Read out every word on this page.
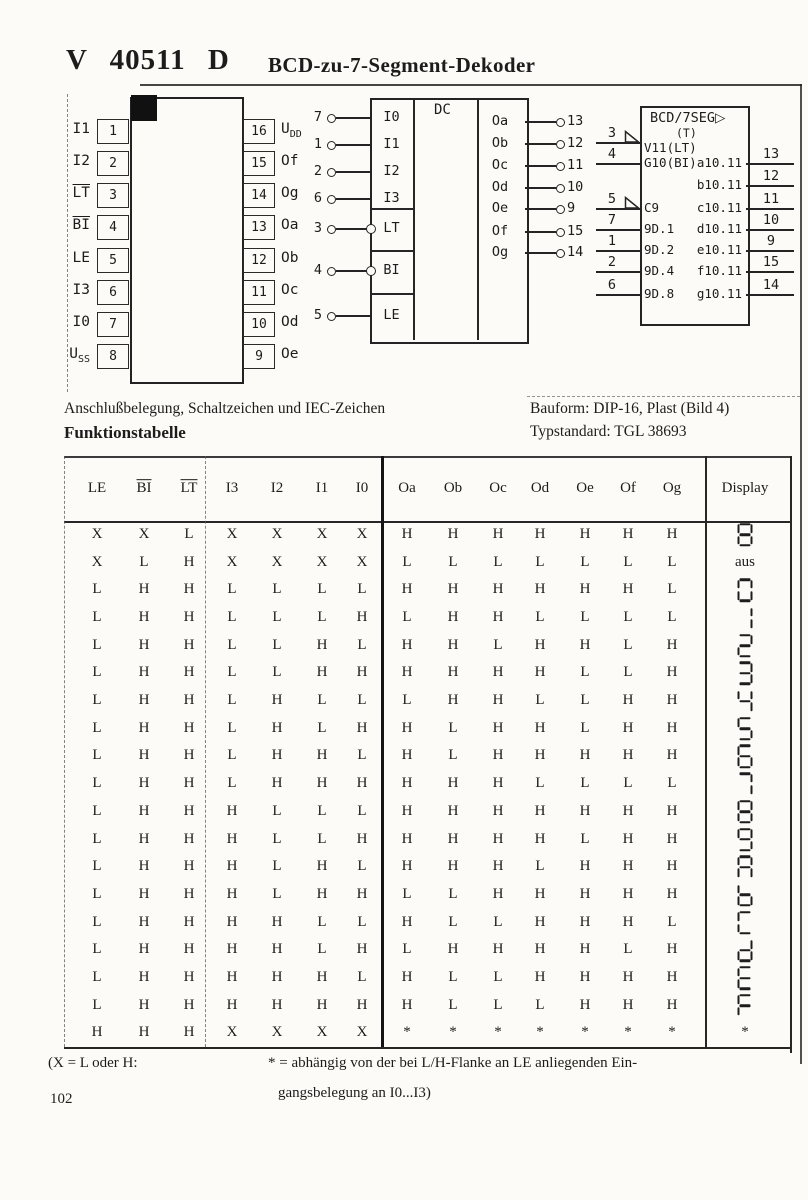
V 40511 D BCD-zu-7-Segment-Dekoder
1
I1
2
I2
3
$\overline{LT}$
4
$\overline{BI}$
5
LE
6
I3
7
I0
8
$U_{SS}$
16 $U_{DD}$
15 Of
14 Og
13 Oa
12 Ob
11 Oc
10 Od
9	Oe
DC
7	I0
1	I1
2	I2
6	I3
3	LT
4	BI
5	LE
Oa	13
Ob	12
Oc	11
Od	10
Oe	9
Of	15
Og	14
BCD/7SEG▷
(T)
3
V11(LT)
4
G10(BI)
5
C9
7
9D.1
1
9D.2
2
9D.4
6
9D.8
a10.11
13
b10.11
12
c10.11
11
d10.11
10
e10.11
9
f10.11
15
g10.11
14
Anschlußbelegung, Schaltzeichen und IEC-Zeichen	Bauform: DIP-16, Plast (Bild 4)
Typstandard: TGL 38693
Funktionstabelle
LE $\overline{BI}$ $\overline{LT}$ I3 I2 I1 I0 Oa Ob Oc Od Oe Of Og	Display
X X L X X X X H H H H H H H
X L H X X X X L L L L L L L	aus
L H H L L L L H H H H H H L
L H H L L L H L H H L L L L
L H H L L H L H H L H H L H
L H H L L H H H H H H L L H
L H H L H L L L H H L L H H
L H H L H L H H L H H L H H
L H H L H H L H L H H H H H
L H H L H H H H H H L L L L
L H H H L L L H H H H H H H
L H H H L L H H H H H L H H
L H H H L H L H H H L H H H
L H H H L H H L L H H H H H
L H H H H L L H L L H H H L
L H H H H L H L H H H H L H
L H H H H H L H L L H H H H
L H H H H H H H L L L H H H
H H H X X X X *	*	* *	* * *	*
(X = L oder H:	* = abhängig von der bei L/H-Flanke an LE anliegenden Ein-
gangsbelegung an I0...I3)
102
